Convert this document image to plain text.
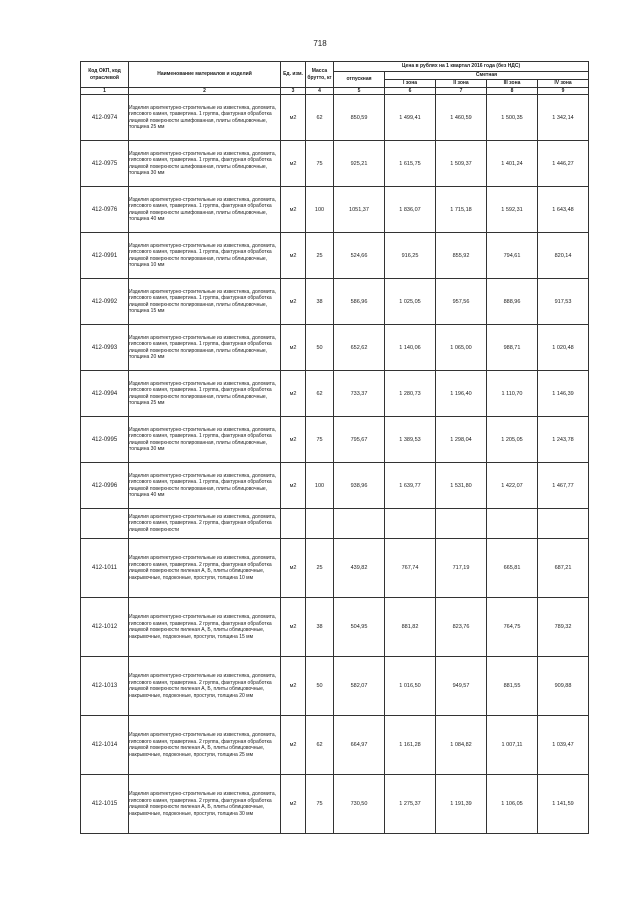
718
Код ОКП, код отраслевой	Наименование материалов и изделий	Ед. изм.	Масса брутто, кг	Цена в рублях на 1 квартал 2016 года (без НДС)				
				отпускная	Сметная			
					I зона	II зона	III зона	IV зона
1	2	3	4	5	6	7	8	9
412-0974	Изделия архитектурно-строительные из известняка, доломита, гипсового камня, травертина. 1 группа, фактурная обработка лицевой поверхности шлифованная, плиты облицовочные, толщина 25 мм	м2	62	850,59	1 499,41	1 460,59	1 500,35	1 342,14
412-0975	Изделия архитектурно-строительные из известняка, доломита, гипсового камня, травертина. 1 группа, фактурная обработка лицевой поверхности шлифованная, плиты облицовочные, толщина 30 мм	м2	75	925,21	1 615,75	1 509,37	1 401,24	1 446,27
412-0976	Изделия архитектурно-строительные из известняка, доломита, гипсового камня, травертина. 1 группа, фактурная обработка лицевой поверхности шлифованная, плиты облицовочные, толщина 40 мм	м2	100	1051,37	1 836,07	1 715,18	1 592,31	1 643,48
412-0991	Изделия архитектурно-строительные из известняка, доломита, гипсового камня, травертина. 1 группа, фактурная обработка лицевой поверхности полированная, плиты облицовочные, толщина 10 мм	м2	25	524,66	916,25	855,92	794,61	820,14
412-0992	Изделия архитектурно-строительные из известняка, доломита, гипсового камня, травертина. 1 группа, фактурная обработка лицевой поверхности полированная, плиты облицовочные, толщина 15 мм	м2	38	586,96	1 025,05	957,56	888,96	917,53
412-0993	Изделия архитектурно-строительные из известняка, доломита, гипсового камня, травертина. 1 группа, фактурная обработка лицевой поверхности полированная, плиты облицовочные, толщина 20 мм	м2	50	652,62	1 140,06	1 065,00	988,71	1 020,48
412-0994	Изделия архитектурно-строительные из известняка, доломита, гипсового камня, травертина. 1 группа, фактурная обработка лицевой поверхности полированная, плиты облицовочные, толщина 25 мм	м2	62	733,37	1 280,73	1 196,40	1 110,70	1 146,39
412-0995	Изделия архитектурно-строительные из известняка, доломита, гипсового камня, травертина. 1 группа, фактурная обработка лицевой поверхности полированная, плиты облицовочные, толщина 30 мм	м2	75	795,67	1 389,53	1 298,04	1 205,05	1 243,78
412-0996	Изделия архитектурно-строительные из известняка, доломита, гипсового камня, травертина. 1 группа, фактурная обработка лицевой поверхности полированная, плиты облицовочные, толщина 40 мм	м2	100	938,96	1 639,77	1 531,80	1 422,07	1 467,77
	Изделия архитектурно-строительные из известняка, доломита, гипсового камня, травертина. 2 группа, фактурная обработка лицевой поверхности							
412-1011	Изделия архитектурно-строительные из известняка, доломита, гипсового камня, травертина. 2 группа, фактурная обработка лицевой поверхности пиленая А, Б, плиты облицовочные, накрывочные, подоконные, проступи, толщина 10 мм	м2	25	439,82	767,74	717,19	665,81	687,21
412-1012	Изделия архитектурно-строительные из известняка, доломита, гипсового камня, травертина. 2 группа, фактурная обработка лицевой поверхности пиленая А, Б, плиты облицовочные, накрывочные, подоконные, проступи, толщина 15 мм	м2	38	504,95	881,82	823,76	764,75	789,32
412-1013	Изделия архитектурно-строительные из известняка, доломита, гипсового камня, травертина. 2 группа, фактурная обработка лицевой поверхности пиленая А, Б, плиты облицовочные, накрывочные, подоконные, проступи, толщина 20 мм	м2	50	582,07	1 016,50	949,57	881,55	909,88
412-1014	Изделия архитектурно-строительные из известняка, доломита, гипсового камня, травертина. 2 группа, фактурная обработка лицевой поверхности пиленая А, Б, плиты облицовочные, накрывочные, подоконные, проступи, толщина 25 мм	м2	62	664,97	1 161,28	1 084,82	1 007,11	1 039,47
412-1015	Изделия архитектурно-строительные из известняка, доломита, гипсового камня, травертина. 2 группа, фактурная обработка лицевой поверхности пиленая А, Б, плиты облицовочные, накрывочные, подоконные, проступи, толщина 30 мм	м2	75	730,50	1 275,37	1 191,39	1 106,05	1 141,59
